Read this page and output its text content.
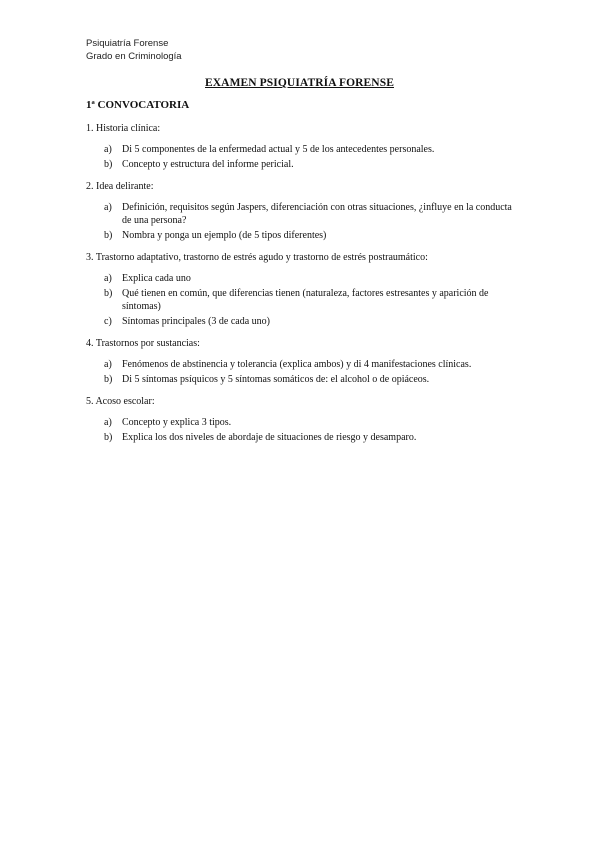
Psiquiatría Forense
Grado en Criminología
EXAMEN PSIQUIATRÍA FORENSE
1ª CONVOCATORIA
1. Historia clínica:
a)	Di 5 componentes de la enfermedad actual y 5 de los antecedentes personales.
b) Concepto y estructura del informe pericial.
2. Idea delirante:
a)	Definición, requisitos según Jaspers, diferenciación con otras situaciones, ¿influye en la conducta de una persona?
b) Nombra y ponga un ejemplo (de 5 tipos diferentes)
3. Trastorno adaptativo, trastorno de estrés agudo y trastorno de estrés postraumático:
a)	Explica cada uno
b) Qué tienen en común, que diferencias tienen (naturaleza, factores estresantes y aparición de síntomas)
c)	Síntomas principales (3 de cada uno)
4. Trastornos por sustancias:
a)	Fenómenos de abstinencia y tolerancia (explica ambos) y di 4 manifestaciones clínicas.
b) Di 5 síntomas psíquicos y 5 síntomas somáticos de: el alcohol o de opiáceos.
5. Acoso escolar:
a)	Concepto y explica 3 tipos.
b) Explica los dos niveles de abordaje de situaciones de riesgo y desamparo.
